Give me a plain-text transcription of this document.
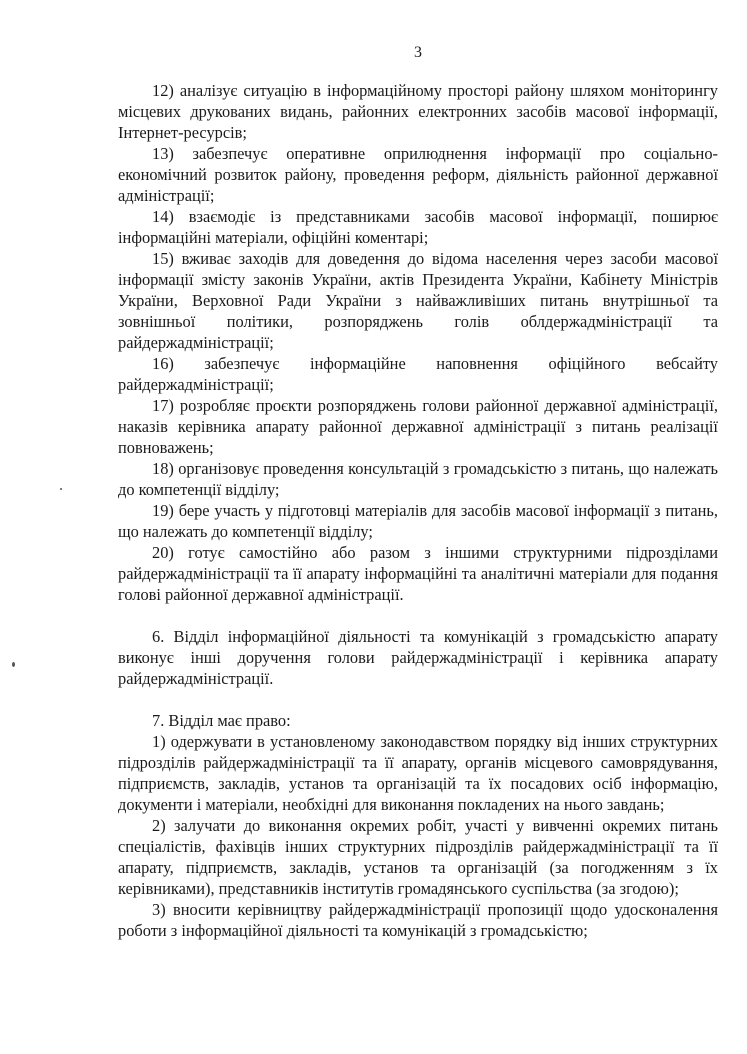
3

12) аналізує ситуацію в інформаційному просторі району шляхом моніторингу місцевих друкованих видань, районних електронних засобів масової інформації, Інтернет-ресурсів;

13) забезпечує оперативне оприлюднення інформації про соціально-економічний розвиток району, проведення реформ, діяльність районної державної адміністрації;

14) взаємодіє із представниками засобів масової інформації, поширює інформаційні матеріали, офіційні коментарі;

15) вживає заходів для доведення до відома населення через засоби масової інформації змісту законів України, актів Президента України, Кабінету Міністрів України, Верховної Ради України з найважливіших питань внутрішньої та зовнішньої політики, розпоряджень голів облдержадміністрації та райдержадміністрації;

16) забезпечує інформаційне наповнення офіційного вебсайту райдержадміністрації;

17) розробляє проєкти розпоряджень голови районної державної адміністрації, наказів керівника апарату районної державної адміністрації з питань реалізації повноважень;

18) організовує проведення консультацій з громадськістю з питань, що належать до компетенції відділу;

19) бере участь у підготовці матеріалів для засобів масової інформації з питань, що належать до компетенції відділу;

20) готує самостійно або разом з іншими структурними підрозділами райдержадміністрації та її апарату інформаційні та аналітичні матеріали для подання голові районної державної адміністрації.

6. Відділ інформаційної діяльності та комунікацій з громадськістю апарату виконує інші доручення голови райдержадміністрації і керівника апарату райдержадміністрації.

7. Відділ має право:

1) одержувати в установленому законодавством порядку від інших структурних підрозділів райдержадміністрації та її апарату, органів місцевого самоврядування, підприємств, закладів, установ та організацій та їх посадових осіб інформацію, документи і матеріали, необхідні для виконання покладених на нього завдань;

2) залучати до виконання окремих робіт, участі у вивченні окремих питань спеціалістів, фахівців інших структурних підрозділів райдержадміністрації та її апарату, підприємств, закладів, установ та організацій (за погодженням з їх керівниками), представників інститутів громадянського суспільства (за згодою);

3) вносити керівництву райдержадміністрації пропозиції щодо удосконалення роботи з інформаційної діяльності та комунікацій з громадськістю;
